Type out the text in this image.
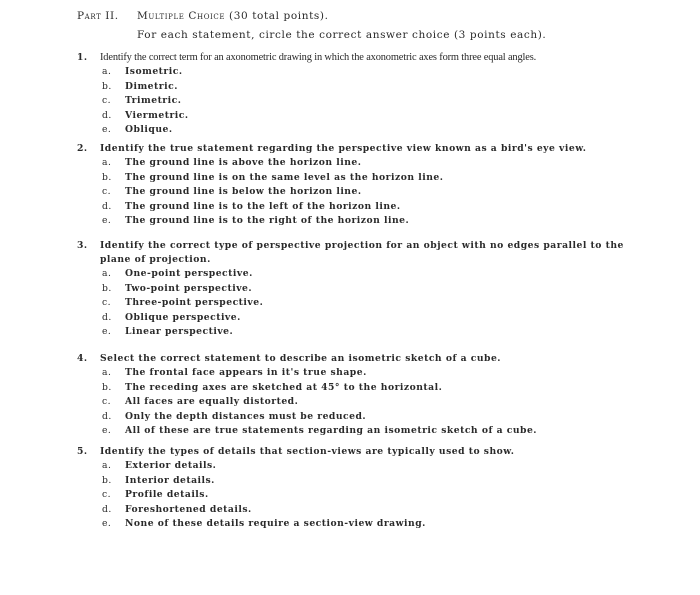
Part II. Multiple Choice (30 total points).
For each statement, circle the correct answer choice (3 points each).
1.	Identify the correct term for an axonometric drawing in which the axonometric axes form three equal angles.
a.	Isometric.
b.	Dimetric.
c.	Trimetric.
d.	Viermetric.
e.	Oblique.
2.	Identify the true statement regarding the perspective view known as a bird's eye view.
a.	The ground line is above the horizon line.
b.	The ground line is on the same level as the horizon line.
c.	The ground line is below the horizon line.
d.	The ground line is to the left of the horizon line.
e.	The ground line is to the right of the horizon line.
3.	Identify the correct type of perspective projection for an object with no edges parallel to the plane of projection.
a.	One-point perspective.
b.	Two-point perspective.
c.	Three-point perspective.
d.	Oblique perspective.
e.	Linear perspective.
4.	Select the correct statement to describe an isometric sketch of a cube.
a.	The frontal face appears in it's true shape.
b.	The receding axes are sketched at 45° to the horizontal.
c.	All faces are equally distorted.
d.	Only the depth distances must be reduced.
e.	All of these are true statements regarding an isometric sketch of a cube.
5.	Identify the types of details that section-views are typically used to show.
a.	Exterior details.
b.	Interior details.
c.	Profile details.
d.	Foreshortened details.
e.	None of these details require a section-view drawing.
